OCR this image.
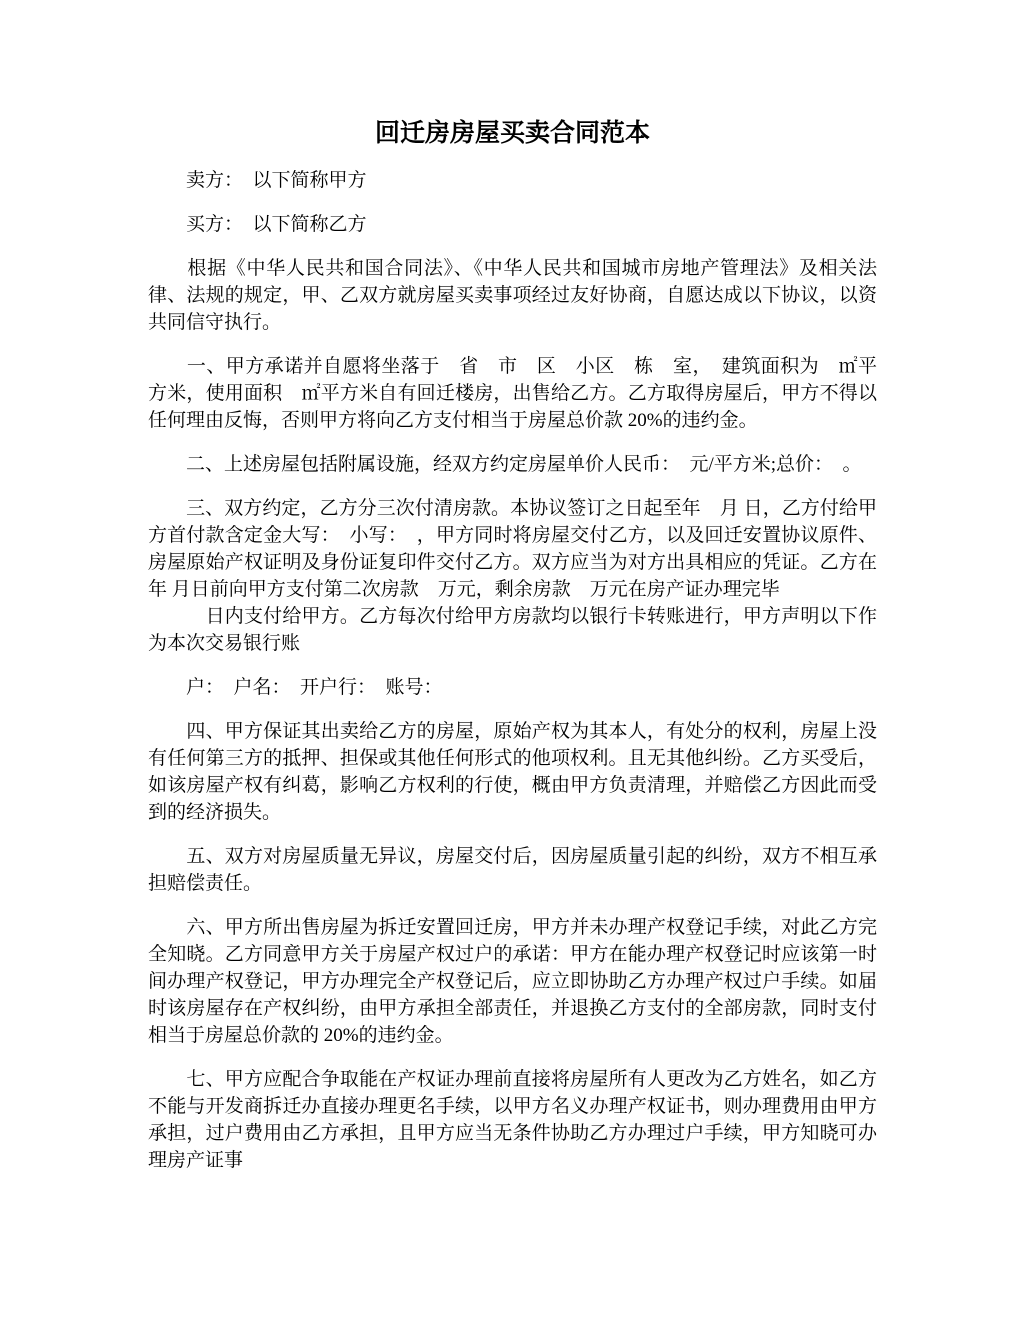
回迁房房屋买卖合同范本
　　卖方：　以下简称甲方
　　买方：　以下简称乙方
　　根据《中华人民共和国合同法》、《中华人民共和国城市房地产管理法》及相关法律、法规的规定，甲、乙双方就房屋买卖事项经过友好协商，自愿达成以下协议，以资共同信守执行。
　　一、甲方承诺并自愿将坐落于　省　市　区　小区　栋　室，　建筑面积为　㎡平方米，使用面积　㎡平方米自有回迁楼房，出售给乙方。乙方取得房屋后，甲方不得以任何理由反悔，否则甲方将向乙方支付相当于房屋总价款 20%的违约金。
　　二、上述房屋包括附属设施，经双方约定房屋单价人民币：　元/平方米;总价：　。
　　三、双方约定，乙方分三次付清房款。本协议签订之日起至年　月 日，乙方付给甲方首付款含定金大写：　小写：　，甲方同时将房屋交付乙方，以及回迁安置协议原件、房屋原始产权证明及身份证复印件交付乙方。双方应当为对方出具相应的凭证。乙方在　年 月日前向甲方支付第二次房款　万元，剩余房款　万元在房产证办理完毕
　　　日内支付给甲方。乙方每次付给甲方房款均以银行卡转账进行，甲方声明以下作为本次交易银行账
　　户：　户名：　开户行：　账号：
　　四、甲方保证其出卖给乙方的房屋，原始产权为其本人，有处分的权利，房屋上没有任何第三方的抵押、担保或其他任何形式的他项权利。且无其他纠纷。乙方买受后，如该房屋产权有纠葛，影响乙方权利的行使，概由甲方负责清理，并赔偿乙方因此而受到的经济损失。
　　五、双方对房屋质量无异议，房屋交付后，因房屋质量引起的纠纷，双方不相互承担赔偿责任。
　　六、甲方所出售房屋为拆迁安置回迁房，甲方并未办理产权登记手续，对此乙方完全知晓。乙方同意甲方关于房屋产权过户的承诺：甲方在能办理产权登记时应该第一时间办理产权登记，甲方办理完全产权登记后，应立即协助乙方办理产权过户手续。如届时该房屋存在产权纠纷，由甲方承担全部责任，并退换乙方支付的全部房款，同时支付相当于房屋总价款的 20%的违约金。
　　七、甲方应配合争取能在产权证办理前直接将房屋所有人更改为乙方姓名，如乙方不能与开发商拆迁办直接办理更名手续，以甲方名义办理产权证书，则办理费用由甲方承担，过户费用由乙方承担，且甲方应当无条件协助乙方办理过户手续，甲方知晓可办理房产证事
